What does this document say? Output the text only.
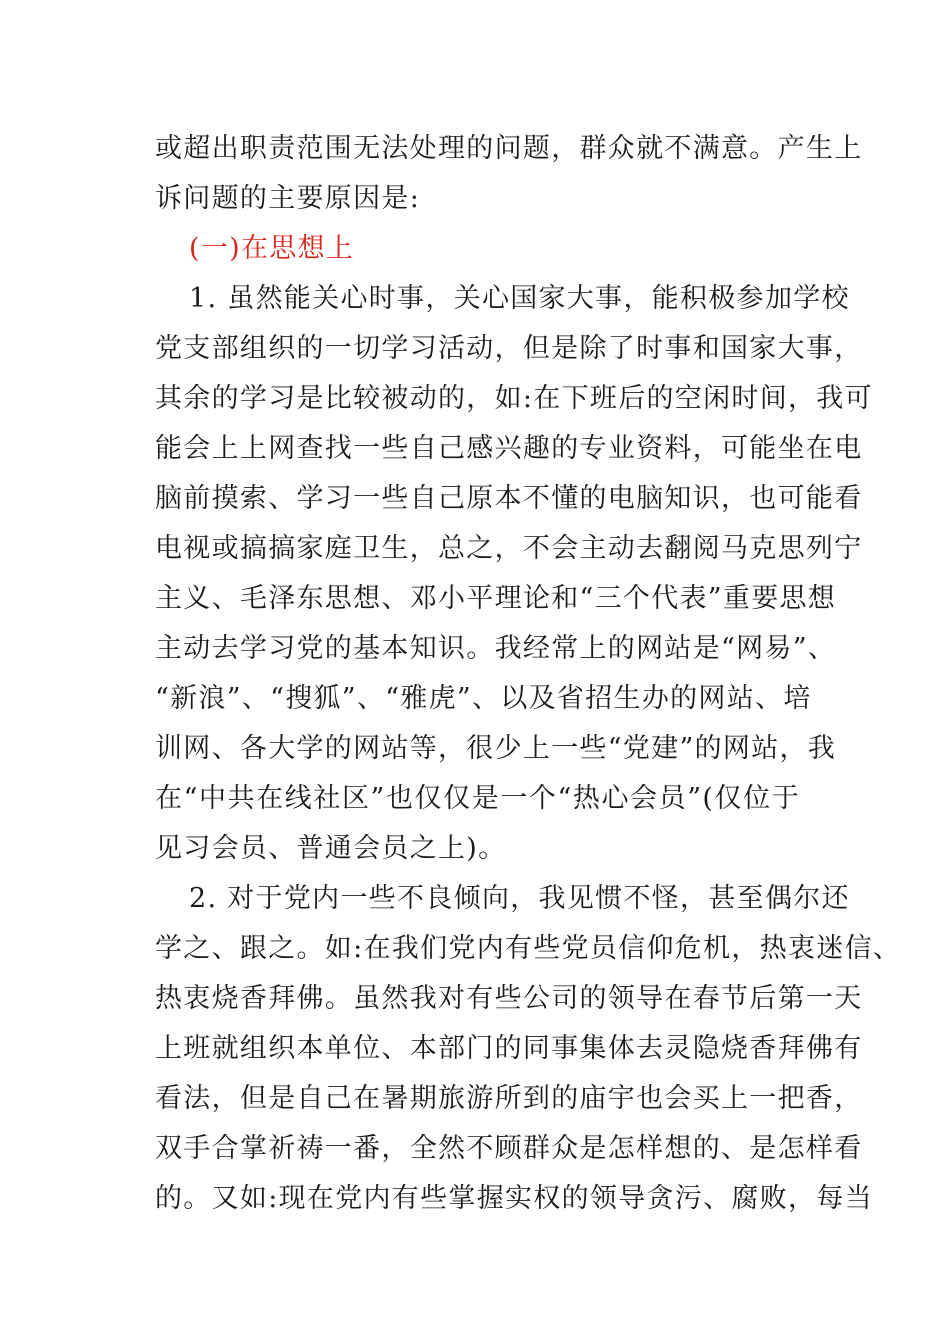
或超出职责范围无法处理的问题，群众就不满意。产生上
诉问题的主要原因是:
(一)在思想上
1. 虽然能关心时事，关心国家大事，能积极参加学校
党支部组织的一切学习活动，但是除了时事和国家大事，
其余的学习是比较被动的，如:在下班后的空闲时间，我可
能会上上网查找一些自己感兴趣的专业资料，可能坐在电
脑前摸索、学习一些自己原本不懂的电脑知识，也可能看
电视或搞搞家庭卫生，总之，不会主动去翻阅马克思列宁
主义、毛泽东思想、邓小平理论和“三个代表”重要思想
主动去学习党的基本知识。我经常上的网站是“网易”、
“新浪”、“搜狐”、“雅虎”、以及省招生办的网站、培
训网、各大学的网站等，很少上一些“党建”的网站，我
在“中共在线社区”也仅仅是一个“热心会员”(仅位于
见习会员、普通会员之上)。
2. 对于党内一些不良倾向，我见惯不怪，甚至偶尔还
学之、跟之。如:在我们党内有些党员信仰危机，热衷迷信、
热衷烧香拜佛。虽然我对有些公司的领导在春节后第一天
上班就组织本单位、本部门的同事集体去灵隐烧香拜佛有
看法，但是自己在暑期旅游所到的庙宇也会买上一把香，
双手合掌祈祷一番，全然不顾群众是怎样想的、是怎样看
的。又如:现在党内有些掌握实权的领导贪污、腐败，每当
